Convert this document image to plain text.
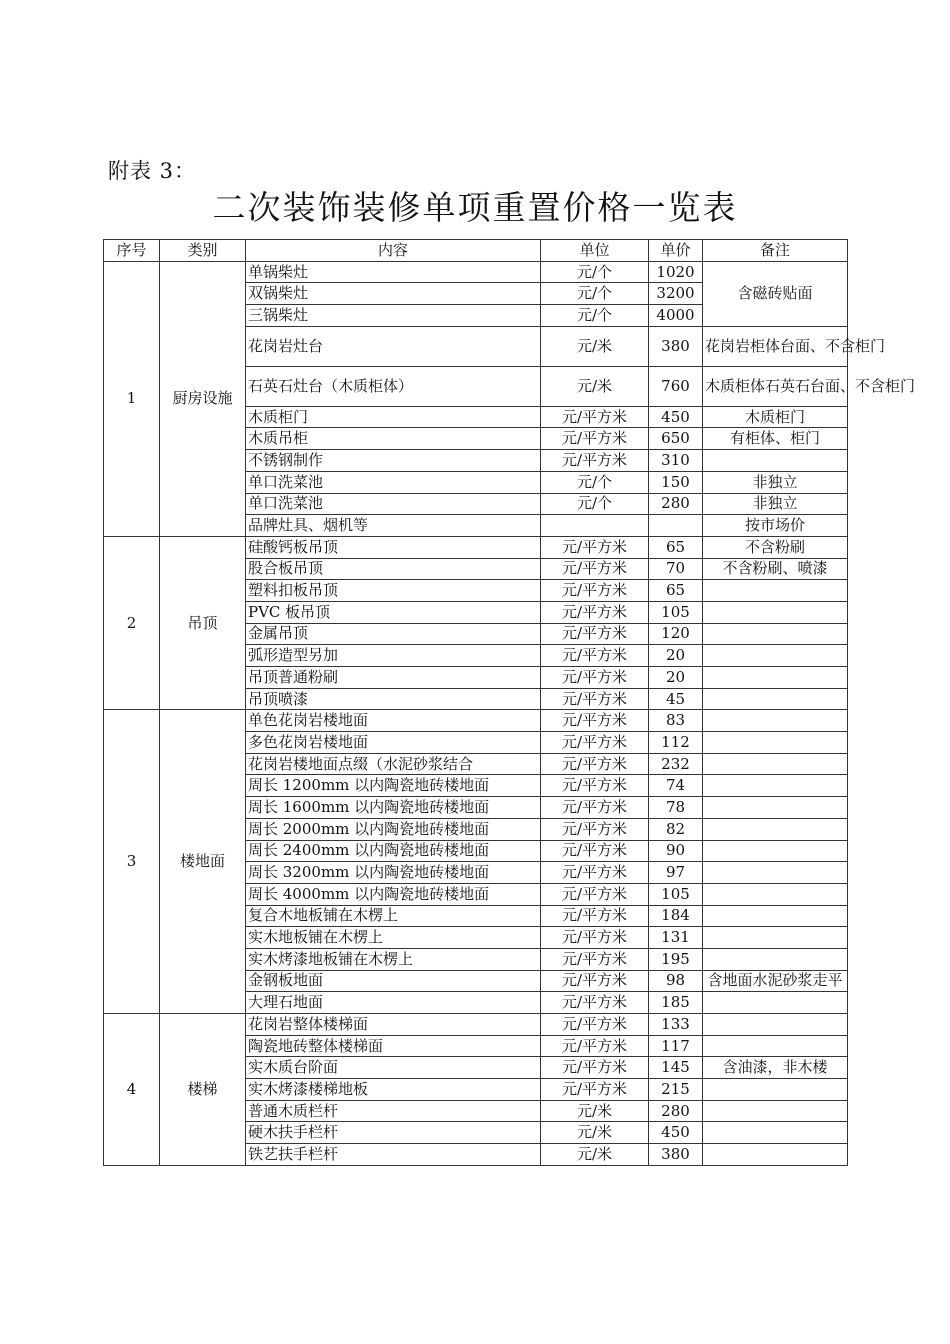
附表 3：
二次装饰装修单项重置价格一览表
序号	类别	内容	单位	单价	备注
1	厨房设施	单锅柴灶	元/个	1020	含磁砖贴面
		双锅柴灶	元/个	3200	
		三锅柴灶	元/个	4000	
		花岗岩灶台	元/米	380	花岗岩柜体台面、不含柜门
		石英石灶台（木质柜体）	元/米	760	木质柜体石英石台面、不含柜门
		木质柜门	元/平方米	450	木质柜门
		木质吊柜	元/平方米	650	有柜体、柜门
		不锈钢制作	元/平方米	310	
		单口洗菜池	元/个	150	非独立
		单口洗菜池	元/个	280	非独立
		品牌灶具、烟机等			按市场价
2	吊顶	硅酸钙板吊顶	元/平方米	65	不含粉刷
		股合板吊顶	元/平方米	70	不含粉刷、喷漆
		塑料扣板吊顶	元/平方米	65	
		PVC 板吊顶	元/平方米	105	
		金属吊顶	元/平方米	120	
		弧形造型另加	元/平方米	20	
		吊顶普通粉刷	元/平方米	20	
		吊顶喷漆	元/平方米	45	
3	楼地面	单色花岗岩楼地面	元/平方米	83	
		多色花岗岩楼地面	元/平方米	112	
		花岗岩楼地面点缀（水泥砂浆结合	元/平方米	232	
		周长 1200mm 以内陶瓷地砖楼地面	元/平方米	74	
		周长 1600mm 以内陶瓷地砖楼地面	元/平方米	78	
		周长 2000mm 以内陶瓷地砖楼地面	元/平方米	82	
		周长 2400mm 以内陶瓷地砖楼地面	元/平方米	90	
		周长 3200mm 以内陶瓷地砖楼地面	元/平方米	97	
		周长 4000mm 以内陶瓷地砖楼地面	元/平方米	105	
		复合木地板铺在木楞上	元/平方米	184	
		实木地板铺在木楞上	元/平方米	131	
		实木烤漆地板铺在木楞上	元/平方米	195	
		金钢板地面	元/平方米	98	含地面水泥砂浆走平
		大理石地面	元/平方米	185	
4	楼梯	花岗岩整体楼梯面	元/平方米	133	
		陶瓷地砖整体楼梯面	元/平方米	117	
		实木质台阶面	元/平方米	145	含油漆，非木楼
		实木烤漆楼梯地板	元/平方米	215	
		普通木质栏杆	元/米	280	
		硬木扶手栏杆	元/米	450	
		铁艺扶手栏杆	元/米	380	
